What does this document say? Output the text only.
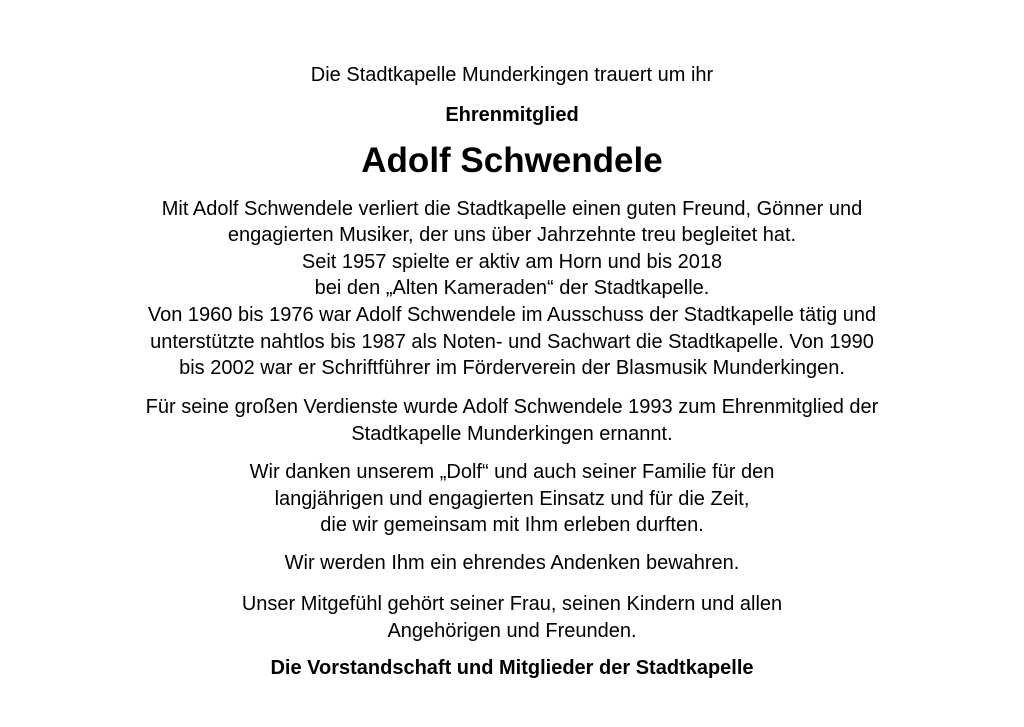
Die Stadtkapelle Munderkingen trauert um ihr
Ehrenmitglied
Adolf Schwendele
Mit Adolf Schwendele verliert die Stadtkapelle einen guten Freund, Gönner und
engagierten Musiker, der uns über Jahrzehnte treu begleitet hat.
Seit 1957 spielte er aktiv am Horn und bis 2018
bei den „Alten Kameraden“ der Stadtkapelle.
Von 1960 bis 1976 war Adolf Schwendele im Ausschuss der Stadtkapelle tätig und
unterstützte nahtlos bis 1987 als Noten- und Sachwart die Stadtkapelle. Von 1990
bis 2002 war er Schriftführer im Förderverein der Blasmusik Munderkingen.
Für seine großen Verdienste wurde Adolf Schwendele 1993 zum Ehrenmitglied der
Stadtkapelle Munderkingen ernannt.
Wir danken unserem „Dolf“ und auch seiner Familie für den
langjährigen und engagierten Einsatz und für die Zeit,
die wir gemeinsam mit Ihm erleben durften.
Wir werden Ihm ein ehrendes Andenken bewahren.
Unser Mitgefühl gehört seiner Frau, seinen Kindern und allen
Angehörigen und Freunden.
Die Vorstandschaft und Mitglieder der Stadtkapelle
